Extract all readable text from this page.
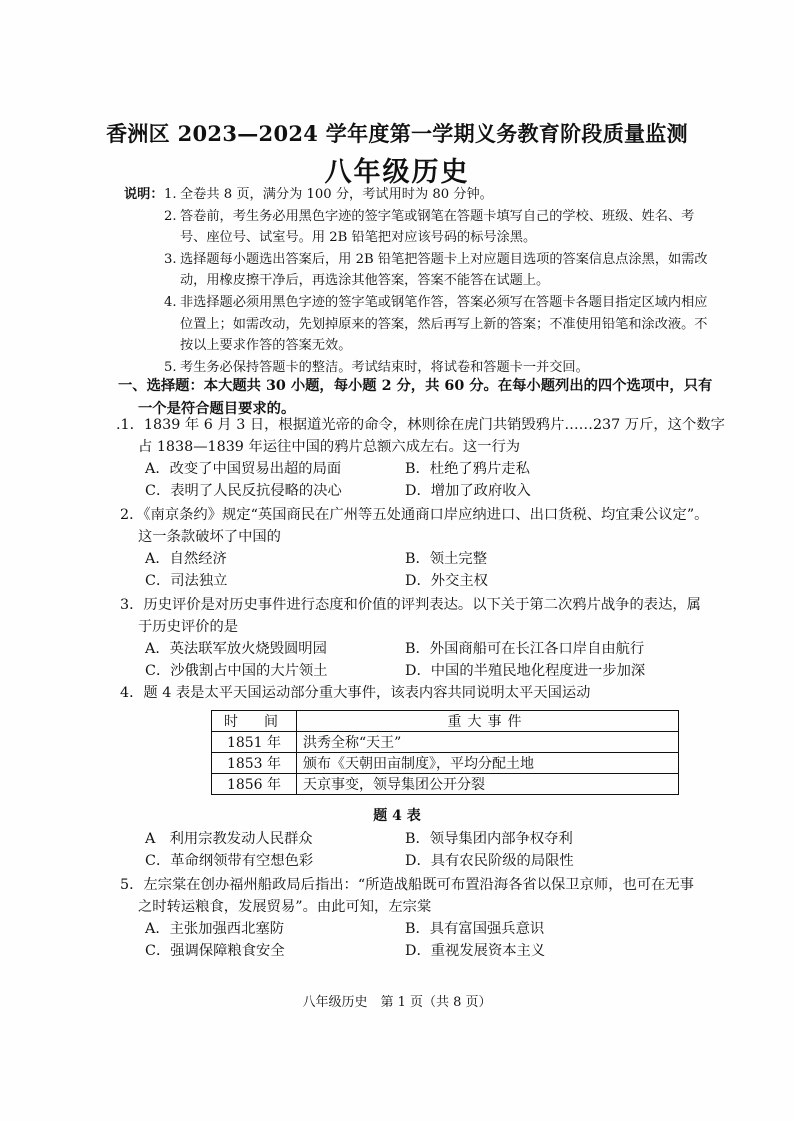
香洲区 2023—2024 学年度第一学期义务教育阶段质量监测
八年级历史
说明： 1. 全卷共 8 页，满分为 100 分，考试用时为 80 分钟。
2. 答卷前，考生务必用黑色字迹的签字笔或钢笔在答题卡填写自己的学校、班级、姓名、考号、座位号、试室号。用 2B 铅笔把对应该号码的标号涂黑。
3. 选择题每小题选出答案后，用 2B 铅笔把答题卡上对应题目选项的答案信息点涂黑，如需改动，用橡皮擦干净后，再选涂其他答案，答案不能答在试题上。
4. 非选择题必须用黑色字迹的签字笔或钢笔作答，答案必须写在答题卡各题目指定区域内相应位置上；如需改动，先划掉原来的答案，然后再写上新的答案；不准使用铅笔和涂改液。不按以上要求作答的答案无效。
5. 考生务必保持答题卡的整洁。考试结束时，将试卷和答题卡一并交回。
一、选择题：本大题共 30 小题，每小题 2 分，共 60 分。在每小题列出的四个选项中，只有
一个是符合题目要求的。
.1．1839 年 6 月 3 日，根据道光帝的命令，林则徐在虎门共销毁鸦片……237 万斤，这个数字
占 1838—1839 年运往中国的鸦片总额六成左右。这一行为
A．改变了中国贸易出超的局面	B．杜绝了鸦片走私
C．表明了人民反抗侵略的决心	D．增加了政府收入
2．《南京条约》规定“英国商民在广州等五处通商口岸应纳进口、出口货税、均宜秉公议定”。
这一条款破坏了中国的
A．自然经济	B．领土完整
C．司法独立	D．外交主权
3．历史评价是对历史事件进行态度和价值的评判表达。以下关于第二次鸦片战争的表达，属
于历史评价的是
A．英法联军放火烧毁圆明园	B．外国商船可在长江各口岸自由航行
C．沙俄割占中国的大片领土	D．中国的半殖民地化程度进一步加深
4．题 4 表是太平天国运动部分重大事件，该表内容共同说明太平天国运动
时　间	重大事件
1851 年	洪秀全称“天王”
1853 年	颁布《天朝田亩制度》，平均分配土地
1856 年	天京事变，领导集团公开分裂
题 4 表
A　利用宗教发动人民群众	B．领导集团内部争权夺利
C．革命纲领带有空想色彩	D．具有农民阶级的局限性
5．左宗棠在创办福州船政局后指出：“所造战船既可布置沿海各省以保卫京师，也可在无事
之时转运粮食，发展贸易”。由此可知，左宗棠
A．主张加强西北塞防	B．具有富国强兵意识
C．强调保障粮食安全	D．重视发展资本主义
八年级历史　第 1 页（共 8 页）
